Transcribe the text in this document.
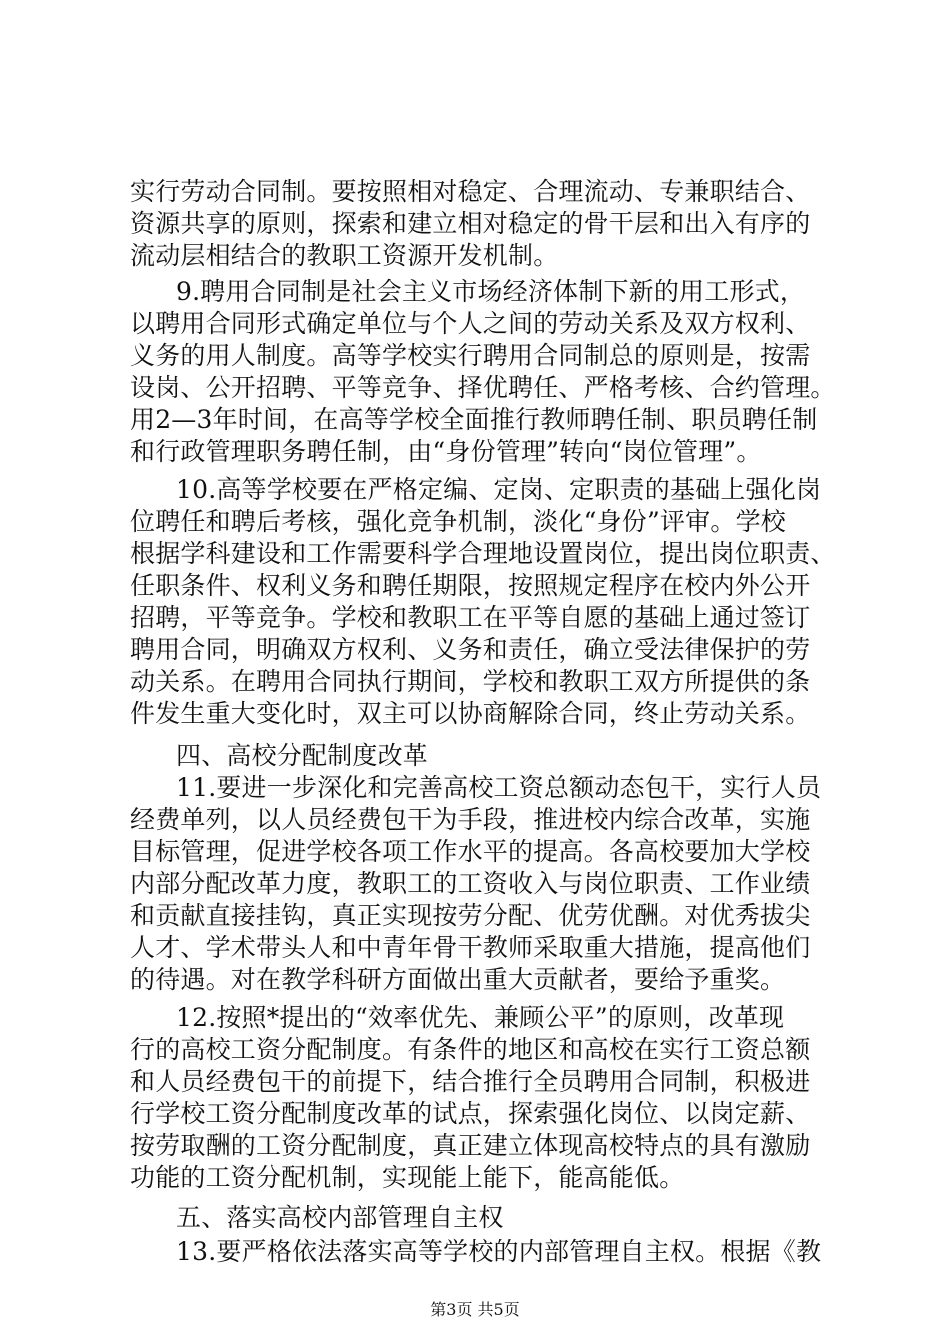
实行劳动合同制。要按照相对稳定、合理流动、专兼职结合、
资源共享的原则，探索和建立相对稳定的骨干层和出入有序的
流动层相结合的教职工资源开发机制。
9.聘用合同制是社会主义市场经济体制下新的用工形式，
以聘用合同形式确定单位与个人之间的劳动关系及双方权利、
义务的用人制度。高等学校实行聘用合同制总的原则是，按需
设岗、公开招聘、平等竞争、择优聘任、严格考核、合约管理。
用2—3年时间，在高等学校全面推行教师聘任制、职员聘任制
和行政管理职务聘任制，由“身份管理”转向“岗位管理”。
10.高等学校要在严格定编、定岗、定职责的基础上强化岗
位聘任和聘后考核，强化竞争机制，淡化“身份”评审。学校
根据学科建设和工作需要科学合理地设置岗位，提出岗位职责、
任职条件、权利义务和聘任期限，按照规定程序在校内外公开
招聘，平等竞争。学校和教职工在平等自愿的基础上通过签订
聘用合同，明确双方权利、义务和责任，确立受法律保护的劳
动关系。在聘用合同执行期间，学校和教职工双方所提供的条
件发生重大变化时，双主可以协商解除合同，终止劳动关系。
四、高校分配制度改革
11.要进一步深化和完善高校工资总额动态包干，实行人员
经费单列，以人员经费包干为手段，推进校内综合改革，实施
目标管理，促进学校各项工作水平的提高。各高校要加大学校
内部分配改革力度，教职工的工资收入与岗位职责、工作业绩
和贡献直接挂钩，真正实现按劳分配、优劳优酬。对优秀拔尖
人才、学术带头人和中青年骨干教师采取重大措施，提高他们
的待遇。对在教学科研方面做出重大贡献者，要给予重奖。
12.按照*提出的“效率优先、兼顾公平”的原则，改革现
行的高校工资分配制度。有条件的地区和高校在实行工资总额
和人员经费包干的前提下，结合推行全员聘用合同制，积极进
行学校工资分配制度改革的试点，探索强化岗位、以岗定薪、
按劳取酬的工资分配制度，真正建立体现高校特点的具有激励
功能的工资分配机制，实现能上能下，能高能低。
五、落实高校内部管理自主权
13.要严格依法落实高等学校的内部管理自主权。根据《教
第3页 共5页
